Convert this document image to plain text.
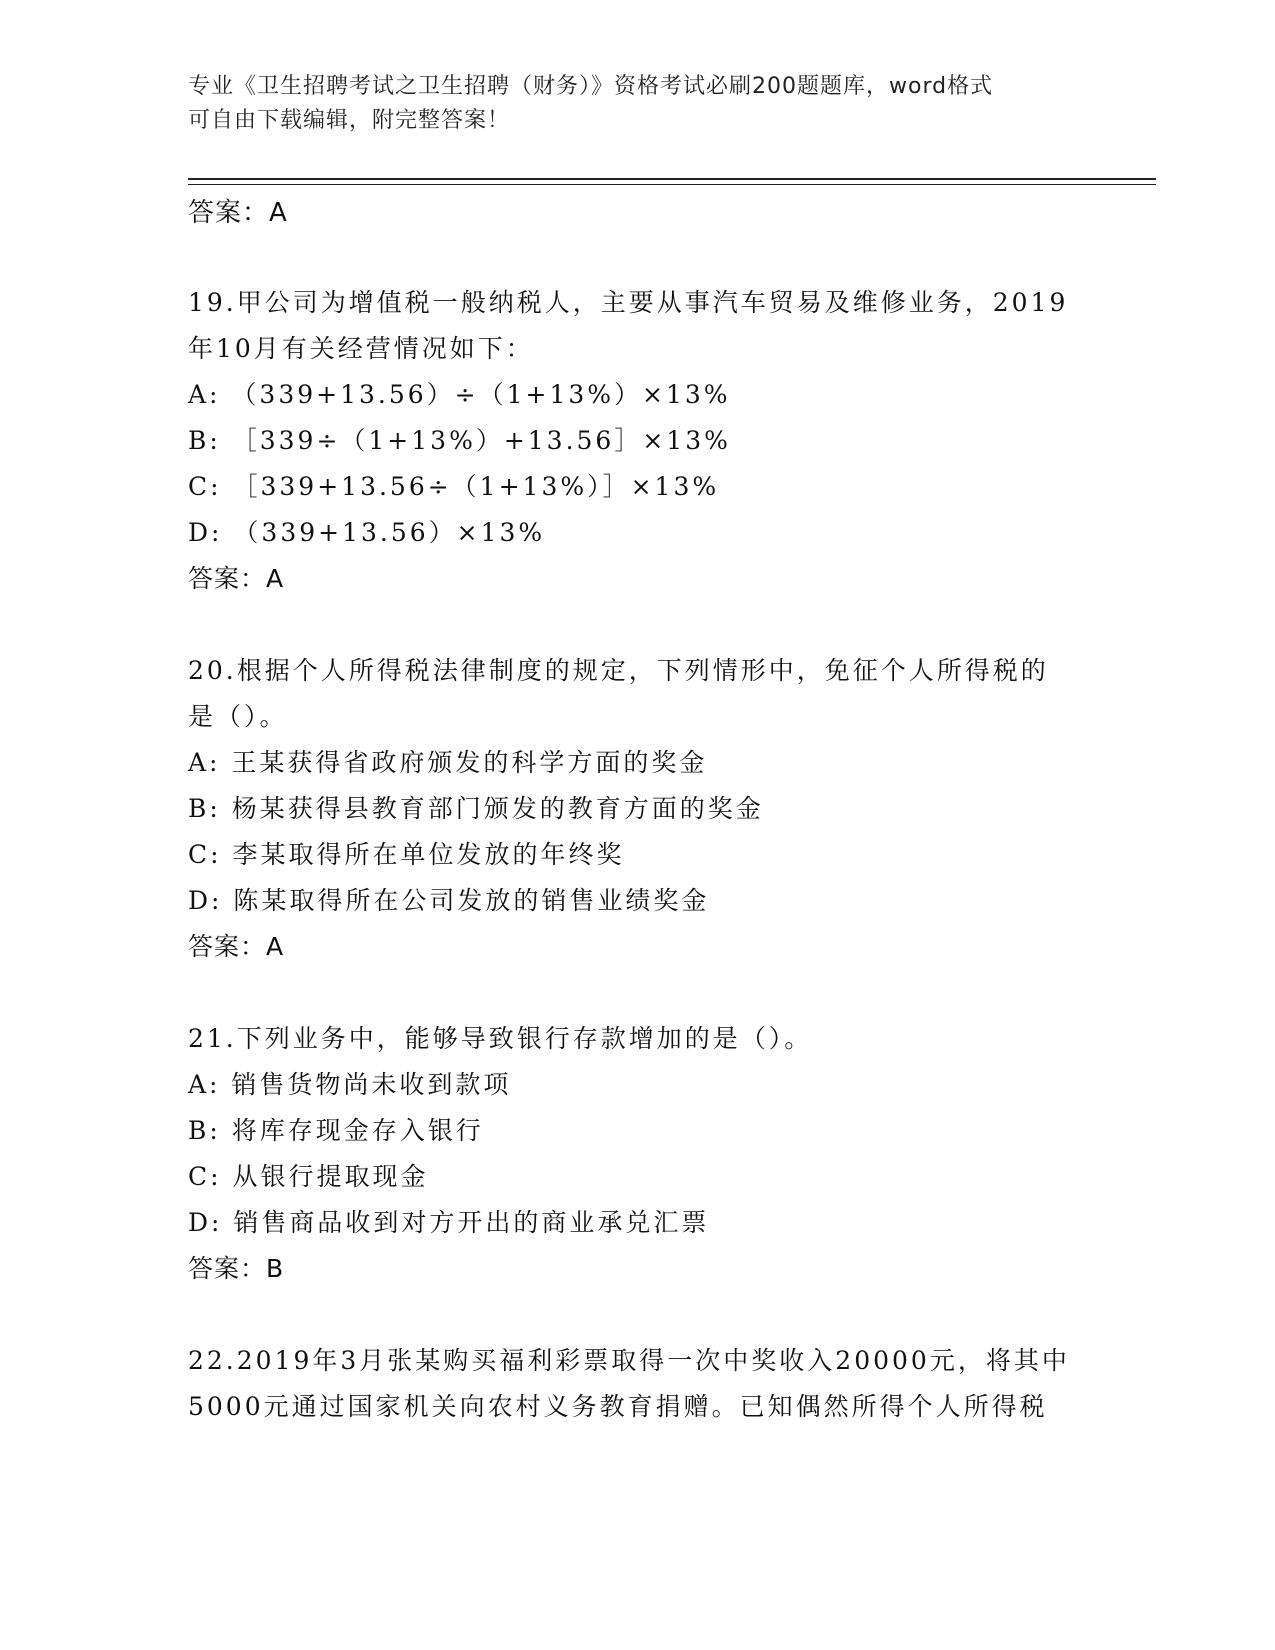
专业《卫生招聘考试之卫生招聘（财务）》资格考试必刷200题题库，word格式
可自由下载编辑，附完整答案！
答案：A

19.甲公司为增值税一般纳税人，主要从事汽车贸易及维修业务，2019

年10月有关经营情况如下：

A: （339+13.56）÷（1+13%）×13%

B: ［339÷（1+13%）+13.56］×13%

C: ［339+13.56÷（1+13%）］×13%

D: （339+13.56）×13%

答案：A

20.根据个人所得税法律制度的规定，下列情形中，免征个人所得税的

是（）。

A: 王某获得省政府颁发的科学方面的奖金

B: 杨某获得县教育部门颁发的教育方面的奖金

C: 李某取得所在单位发放的年终奖

D: 陈某取得所在公司发放的销售业绩奖金

答案：A

21.下列业务中，能够导致银行存款增加的是（）。

A: 销售货物尚未收到款项

B: 将库存现金存入银行

C: 从银行提取现金

D: 销售商品收到对方开出的商业承兑汇票

答案：B

22.2019年3月张某购买福利彩票取得一次中奖收入20000元，将其中

5000元通过国家机关向农村义务教育捐赠。已知偶然所得个人所得税
